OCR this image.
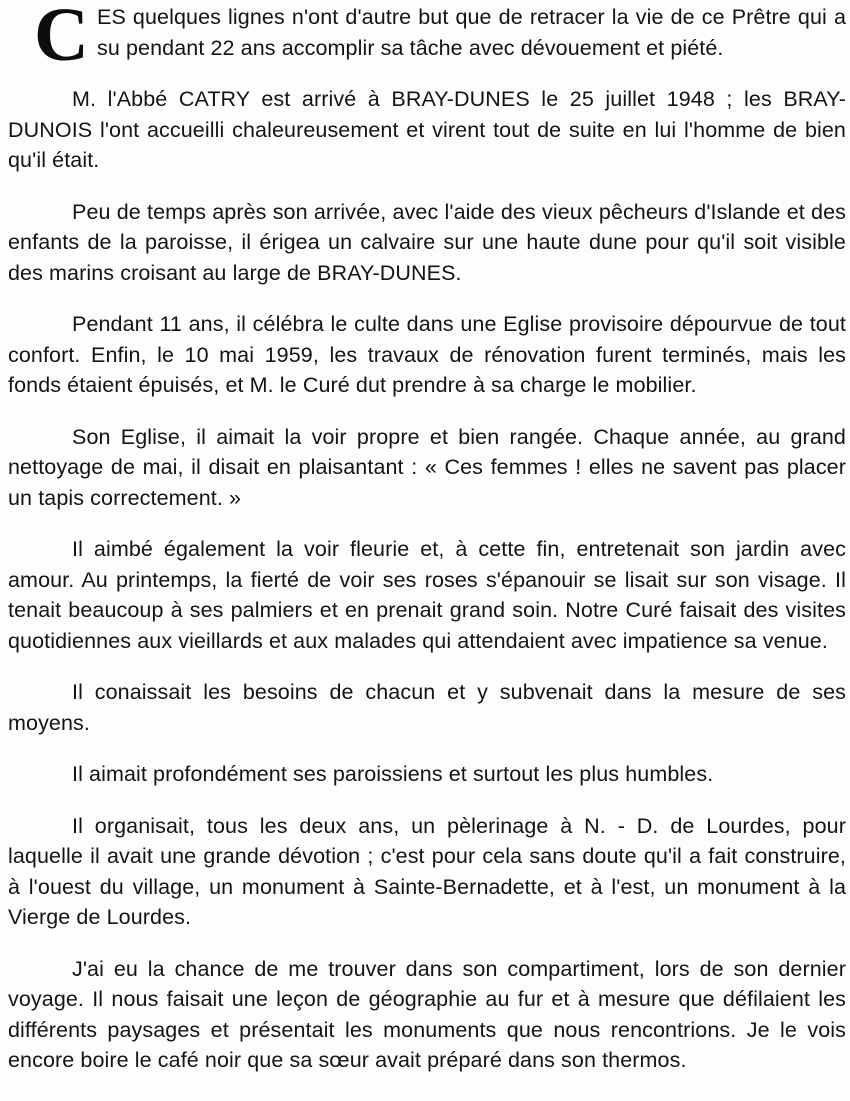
C ES quelques lignes n'ont d'autre but que de retracer la vie de ce Prêtre qui a su pendant 22 ans accomplir sa tâche avec dévouement et piété.

M. l'Abbé CATRY est arrivé à BRAY-DUNES le 25 juillet 1948 ; les BRAY-DUNOIS l'ont accueilli chaleureusement et virent tout de suite en lui l'homme de bien qu'il était.

Peu de temps après son arrivée, avec l'aide des vieux pêcheurs d'Islande et des enfants de la paroisse, il érigea un calvaire sur une haute dune pour qu'il soit visible des marins croisant au large de BRAY-DUNES.

Pendant 11 ans, il célébra le culte dans une Eglise provisoire dépourvue de tout confort. Enfin, le 10 mai 1959, les travaux de rénovation furent terminés, mais les fonds étaient épuisés, et M. le Curé dut prendre à sa charge le mobilier.

Son Eglise, il aimait la voir propre et bien rangée. Chaque année, au grand nettoyage de mai, il disait en plaisantant : « Ces femmes ! elles ne savent pas placer un tapis correctement. »

Il aimbé également la voir fleurie et, à cette fin, entretenait son jardin avec amour. Au printemps, la fierté de voir ses roses s'épanouir se lisait sur son visage. Il tenait beaucoup à ses palmiers et en prenait grand soin. Notre Curé faisait des visites quotidiennes aux vieillards et aux malades qui attendaient avec impatience sa venue.

Il conaissait les besoins de chacun et y subvenait dans la mesure de ses moyens.

Il aimait profondément ses paroissiens et surtout les plus humbles.

Il organisait, tous les deux ans, un pèlerinage à N. - D. de Lourdes, pour laquelle il avait une grande dévotion ; c'est pour cela sans doute qu'il a fait construire, à l'ouest du village, un monument à Sainte-Bernadette, et à l'est, un monument à la Vierge de Lourdes.

J'ai eu la chance de me trouver dans son compartiment, lors de son dernier voyage. Il nous faisait une leçon de géographie au fur et à mesure que défilaient les différents paysages et présentait les monuments que nous rencontrions. Je le vois encore boire le café noir que sa sœur avait préparé dans son thermos.
